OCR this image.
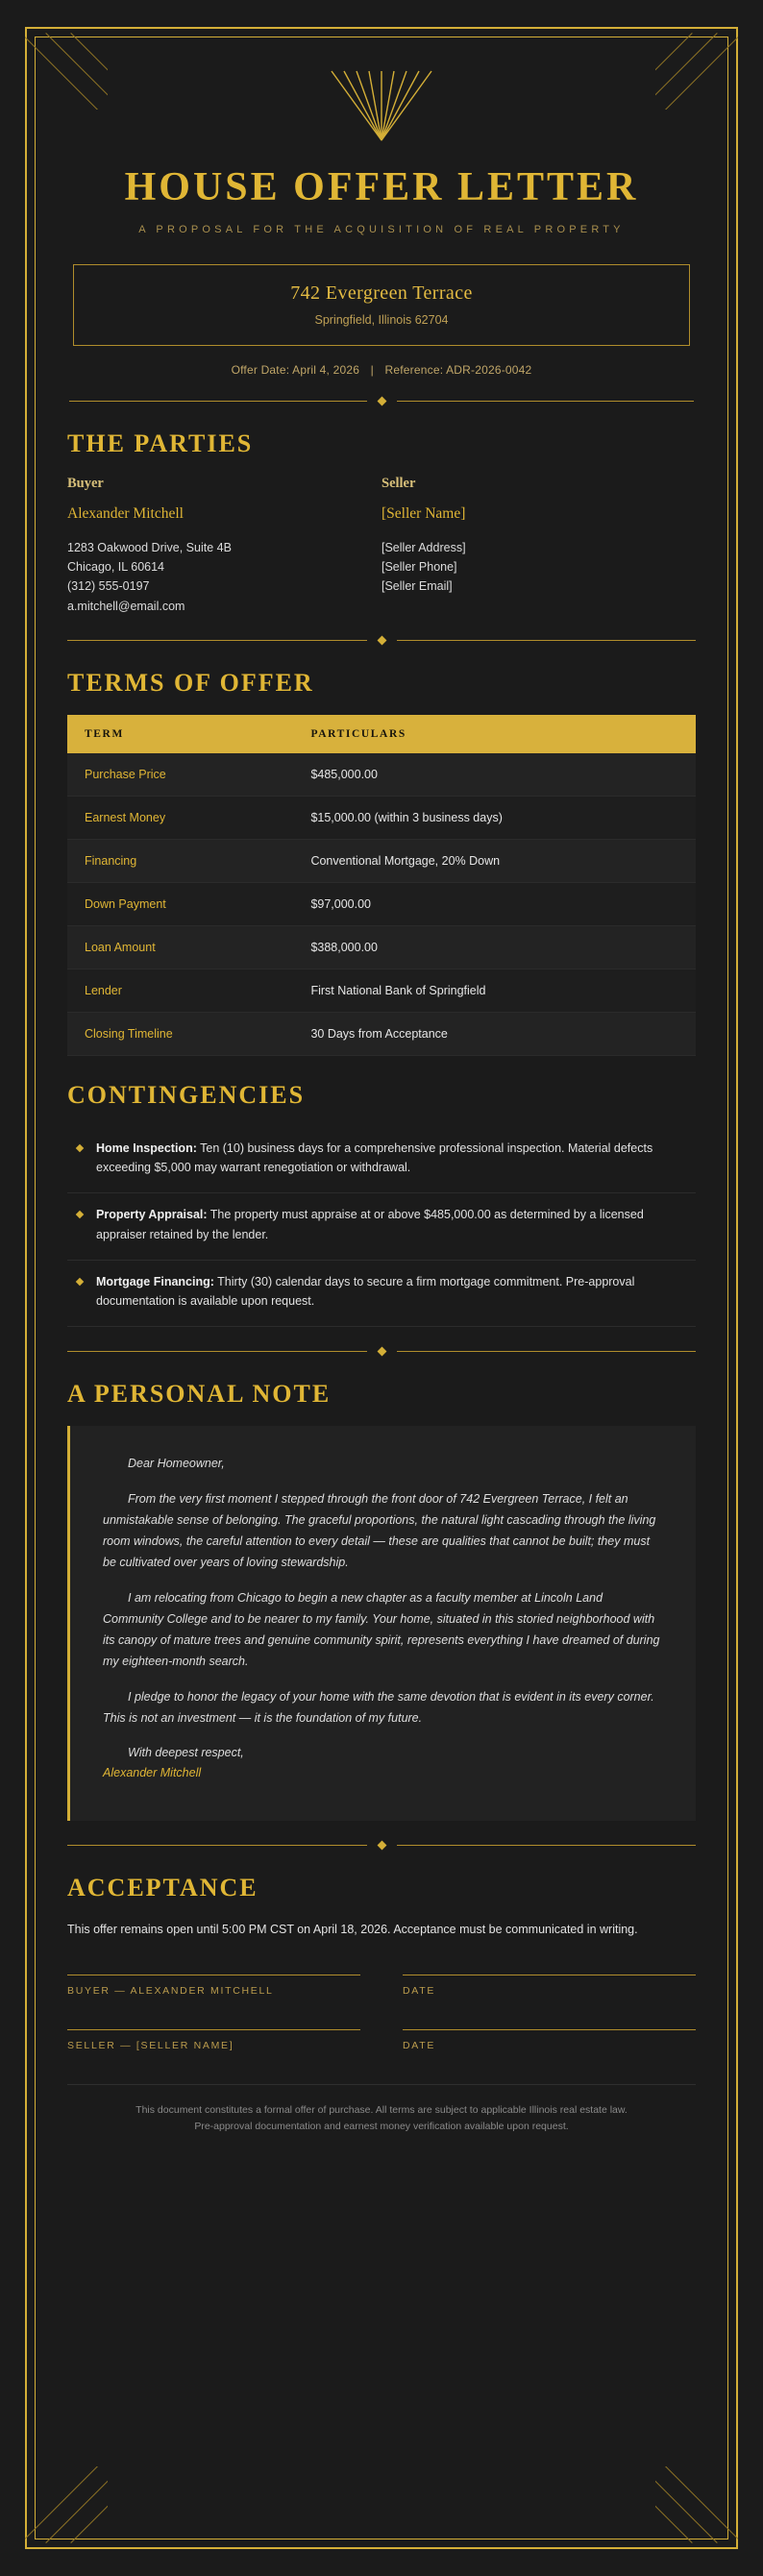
HOUSE OFFER LETTER
A PROPOSAL FOR THE ACQUISITION OF REAL PROPERTY
742 Evergreen Terrace
Springfield, Illinois 62704
Offer Date: April 4, 2026 | Reference: ADR-2026-0042
THE PARTIES
Buyer
Alexander Mitchell
1283 Oakwood Drive, Suite 4B
Chicago, IL 60614
(312) 555-0197
a.mitchell@email.com
Seller
[Seller Name]
[Seller Address]
[Seller Phone]
[Seller Email]
TERMS OF OFFER
TERM	PARTICULARS
Purchase Price	$485,000.00
Earnest Money	$15,000.00 (within 3 business days)
Financing	Conventional Mortgage, 20% Down
Down Payment	$97,000.00
Loan Amount	$388,000.00
Lender	First National Bank of Springfield
Closing Timeline	30 Days from Acceptance
CONTINGENCIES
Home Inspection: Ten (10) business days for a comprehensive professional inspection. Material defects exceeding $5,000 may warrant renegotiation or withdrawal.
Property Appraisal: The property must appraise at or above $485,000.00 as determined by a licensed appraiser retained by the lender.
Mortgage Financing: Thirty (30) calendar days to secure a firm mortgage commitment. Pre-approval documentation is available upon request.
A PERSONAL NOTE
Dear Homeowner,
From the very first moment I stepped through the front door of 742 Evergreen Terrace, I felt an unmistakable sense of belonging. The graceful proportions, the natural light cascading through the living room windows, the careful attention to every detail — these are qualities that cannot be built; they must be cultivated over years of loving stewardship.
I am relocating from Chicago to begin a new chapter as a faculty member at Lincoln Land Community College and to be nearer to my family. Your home, situated in this storied neighborhood with its canopy of mature trees and genuine community spirit, represents everything I have dreamed of during my eighteen-month search.
I pledge to honor the legacy of your home with the same devotion that is evident in its every corner. This is not an investment — it is the foundation of my future.
With deepest respect,
Alexander Mitchell
ACCEPTANCE
This offer remains open until 5:00 PM CST on April 18, 2026. Acceptance must be communicated in writing.
BUYER — ALEXANDER MITCHELL	DATE
SELLER — [SELLER NAME]	DATE
This document constitutes a formal offer of purchase. All terms are subject to applicable Illinois real estate law.
Pre-approval documentation and earnest money verification available upon request.
